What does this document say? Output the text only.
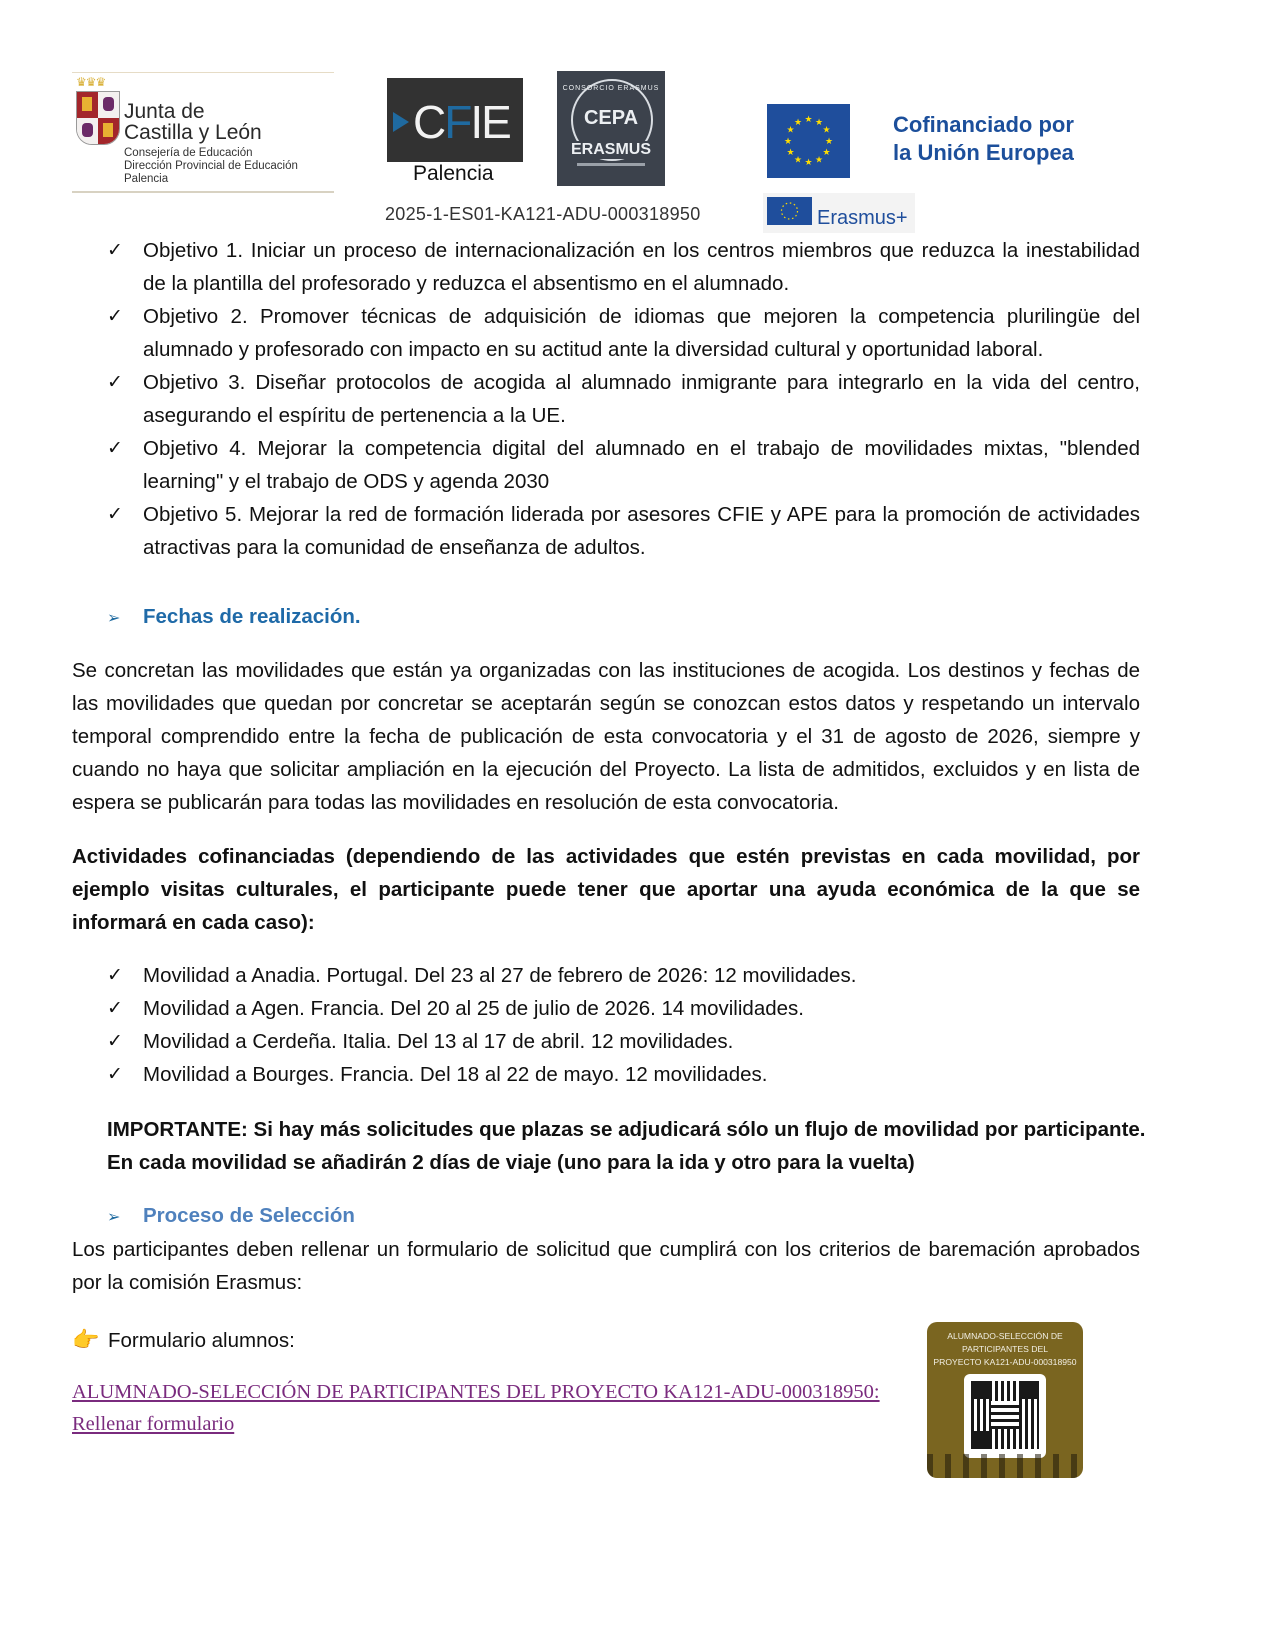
♛♛♛
Junta de
Castilla y León
Consejería de Educación
Dirección Provincial de Educación
Palencia
CFIE
Palencia
CONSORCIO ERASMUS
CEPA
ERASMUS
★ ★
★
★
★
★
★
★
★
★
★
★	Cofinanciado por
la Unión Europea
2025-1-ES01-KA121-ADU-000318950	Erasmus+
✓ Objetivo 1. Iniciar un proceso de internacionalización en los centros miembros que reduzca la inestabilidad de la plantilla del profesorado y reduzca el absentismo en el alumnado.
✓ Objetivo 2. Promover técnicas de adquisición de idiomas que mejoren la competencia plurilingüe del alumnado y profesorado con impacto en su actitud ante la diversidad cultural y oportunidad laboral.
✓ Objetivo 3. Diseñar protocolos de acogida al alumnado inmigrante para integrarlo en la vida del centro, asegurando el espíritu de pertenencia a la UE.
✓ Objetivo 4. Mejorar la competencia digital del alumnado en el trabajo de movilidades mixtas, "blended learning" y el trabajo de ODS y agenda 2030
✓ Objetivo 5. Mejorar la red de formación liderada por asesores CFIE y APE para la promoción de actividades atractivas para la comunidad de enseñanza de adultos.
➢ Fechas de realización.
Se concretan las movilidades que están ya organizadas con las instituciones de acogida. Los destinos y fechas de las movilidades que quedan por concretar se aceptarán según se conozcan estos datos y respetando un intervalo temporal comprendido entre la fecha de publicación de esta convocatoria y el 31 de agosto de 2026, siempre y cuando no haya que solicitar ampliación en la ejecución del Proyecto. La lista de admitidos, excluidos y en lista de espera se publicarán para todas las movilidades en resolución de esta convocatoria.
Actividades cofinanciadas (dependiendo de las actividades que estén previstas en cada movilidad, por ejemplo visitas culturales, el participante puede tener que aportar una ayuda económica de la que se informará en cada caso):
✓ Movilidad a Anadia. Portugal. Del 23 al 27 de febrero de 2026: 12 movilidades.
✓ Movilidad a Agen. Francia. Del 20 al 25 de julio de 2026. 14 movilidades.
✓ Movilidad a Cerdeña. Italia. Del 13 al 17 de abril. 12 movilidades.
✓ Movilidad a Bourges. Francia. Del 18 al 22 de mayo. 12 movilidades.
IMPORTANTE: Si hay más solicitudes que plazas se adjudicará sólo un flujo de movilidad por participante.
En cada movilidad se añadirán 2 días de viaje (uno para la ida y otro para la vuelta)
➢ Proceso de Selección
Los participantes deben rellenar un formulario de solicitud que cumplirá con los criterios de baremación aprobados por la comisión Erasmus:
👉 Formulario alumnos:
ALUMNADO-SELECCIÓN DE PARTICIPANTES DEL PROYECTO KA121-ADU-000318950:
Rellenar formulario
ALUMNADO-SELECCIÓN DE
PARTICIPANTES DEL
PROYECTO KA121-ADU-000318950
